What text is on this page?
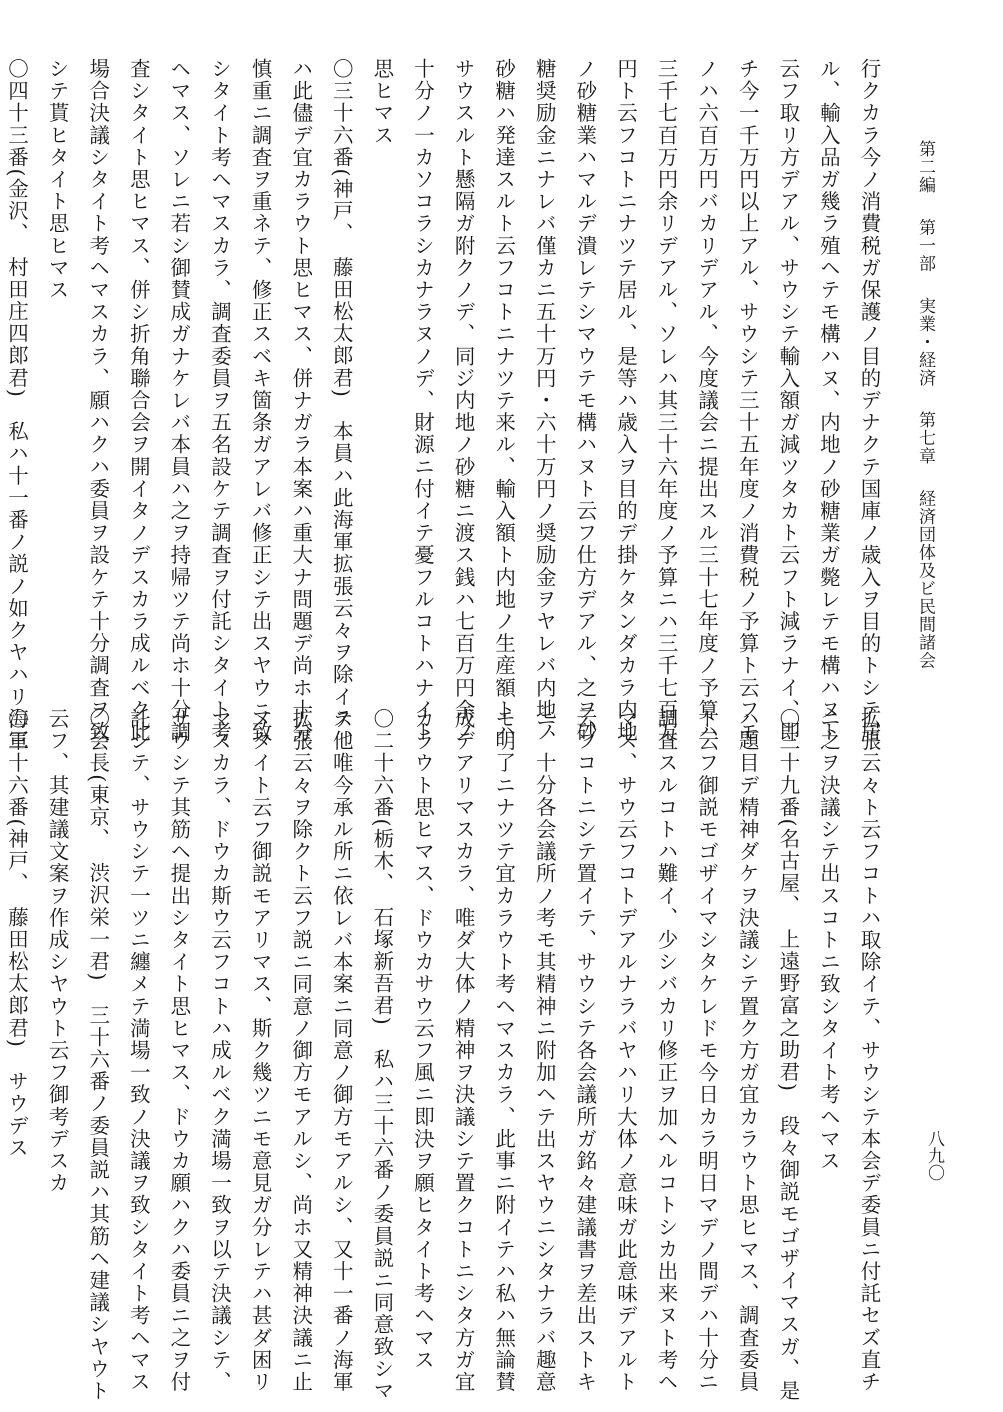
第二編 第一部 実業・経済 第七章 経済団体及ビ民間諸会
八九〇
行クカラ今ノ消費税ガ保護ノ目的デナクテ国庫ノ歳入ヲ目的トシテ居
ル、輸入品ガ幾ラ殖ヘテモ構ハヌ、内地ノ砂糖業ガ斃レテモ構ハヌト
云フ取リ方デアル、サウシテ輸入額ガ減ツタカト云フト減ラナイ、即
チ今一千万円以上アル、サウシテ三十五年度ノ消費税ノ予算ト云フモ
ノハ六百万円バカリデアル、今度議会ニ提出スル三十七年度ノ予算ハ
三千七百万円余リデアル、ソレハ其三十六年度ノ予算ニハ三千七百万
円ト云フコトニナツテ居ル、是等ハ歳入ヲ目的デ掛ケタンダカラ内地
ノ砂糖業ハマルデ潰レテシマウテモ構ハヌト云フ仕方デアル、之ヲ砂
糖奨励金ニナレバ僅カニ五十万円・六十万円ノ奨励金ヲヤレバ内地ノ
砂糖ハ発達スルト云フコトニナツテ来ル、輸入額ト内地ノ生産額トハ
サウスルト懸隔ガ附クノデ、同ジ内地ノ砂糖ニ渡ス銭ハ七百万円余ノ
十分ノ一カソコラシカナラヌノデ、財源ニ付イテ憂フルコトハナイト
思ヒマス
〇三十六番(神戸、　藤田松太郎君)　本員ハ此海軍拡張云々ヲ除イテ他
ハ此儘デ宜カラウト思ヒマス、併ナガラ本案ハ重大ナ問題デ尚ホ十分
慎重ニ調査ヲ重ネテ、修正スベキ箇条ガアレバ修正シテ出スヤウニ致
シタイト考ヘマスカラ、調査委員ヲ五名設ケテ調査ヲ付託シタイト考
ヘマス、ソレニ若シ御賛成ガナケレバ本員ハ之ヲ持帰ツテ尚ホ十分調
査シタイト思ヒマス、併シ折角聯合会ヲ開イタノデスカラ成ルベク此
場合決議シタイト考ヘマスカラ、願ハクハ委員ヲ設ケテ十分調査ヲ致
シテ貰ヒタイト思ヒマス
〇四十三番(金沢、　村田庄四郎君)　私ハ十一番ノ説ノ如クヤハリ海軍
拡張云々ト云フコトハ取除イテ、サウシテ本会デ委員ニ付託セズ直チ
ニ之ヲ決議シテ出スコトニ致シタイト考ヘマス
〇三十九番(名古屋、　上遠野富之助君)　段々御説モゴザイマスガ、是
ハ題目デ精神ダケヲ決議シテ置ク方ガ宜カラウト思ヒマス、調査委員
ト云フ御説モゴザイマシタケレドモ今日カラ明日マデノ間デハ十分ニ
調査スルコトハ難イ、少シバカリ修正ヲ加ヘルコトシカ出来ヌト考ヘ
マス、サウ云フコトデアルナラバヤハリ大体ノ意味ガ此意味デアルト
云フコトニシテ置イテ、サウシテ各会議所ガ銘々建議書ヲ差出ストキ
ニ、十分各会議所ノ考モ其精神ニ附加ヘテ出スヤウニシタナラバ趣意
モ明了ニナツテ宜カラウト考ヘマスカラ、此事ニ附イテハ私ハ無論賛
成デアリマスカラ、唯ダ大体ノ精神ヲ決議シテ置クコトニシタ方ガ宜
カラウト思ヒマス、ドウカサウ云フ風ニ即決ヲ願ヒタイト考ヘマス
〇二十六番(栃木、　石塚新吾君)　私ハ三十六番ノ委員説ニ同意致シマ
ス、唯今承ル所ニ依レバ本案ニ同意ノ御方モアルシ、又十一番ノ海軍
拡張云々ヲ除クト云フ説ニ同意ノ御方モアルシ、尚ホ又精神決議ニ止
メタイト云フ御説モアリマス、斯ク幾ツニモ意見ガ分レテハ甚ダ困リ
マスカラ、ドウカ斯ウ云フコトハ成ルベク満場一致ヲ以テ決議シテ、
サウシテ其筋ヘ提出シタイト思ヒマス、ドウカ願ハクハ委員ニ之ヲ付
託シテ、サウシテ一ツニ纏メテ満場一致ノ決議ヲ致シタイト考ヘマス
〇会長(東京、　渋沢栄一君)　三十六番ノ委員説ハ其筋ヘ建議シヤウト
云フ、其建議文案ヲ作成シヤウト云フ御考デスカ
〇三十六番(神戸、　藤田松太郎君)　サウデス
